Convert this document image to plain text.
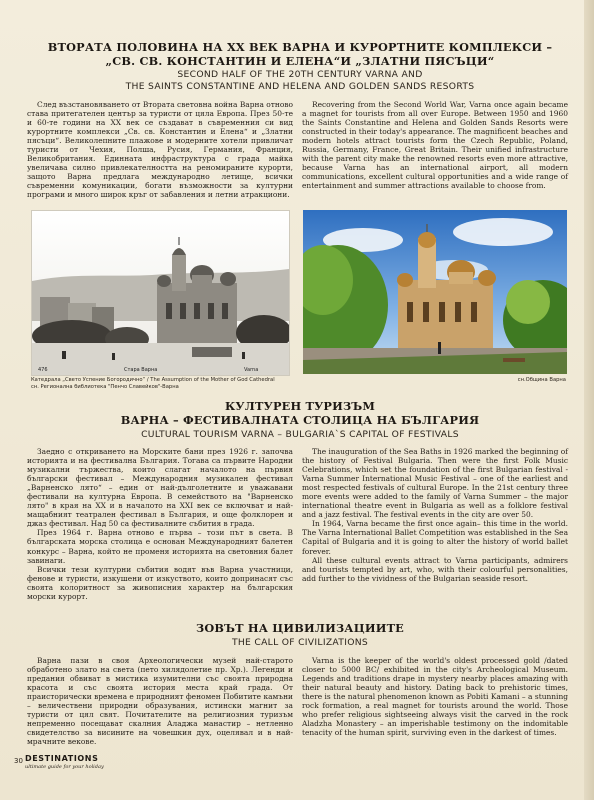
ВТОРАТА ПОЛОВИНА НА ХХ ВЕК ВАРНА И КУРОРТНИТЕ КОМПЛЕКСИ –
„СВ. СВ. КОНСТАНТИН И ЕЛЕНА“И „ЗЛАТНИ ПЯСЪЦИ“
SECOND HALF OF THE 20TH CENTURY VARNA AND
THE SAINTS CONSTANTINE AND HELENA AND GOLDEN SANDS RESORTS
След възстановяването от Втората световна война Варна отново става притегателен център за туристи от цяла Европа. През 50-те и 60-те години на ХХ век се създават в съвременния си вид курортните комплекси „Св. св. Константин и Елена“ и „Златни пясъци“. Великолепните плажове и модерните хотели привличат туристи от Чехия, Полша, Русия, Германия, Франция, Великобритания. Единната инфраструктура с града майка увеличава силно привлекателността на реномираните курорти, защото Варна предлага международно летище, всички съвременни комуникации, богати възможности за културни програми и много широк кръг от забавления и летни атракциони.
Recovering from the Second World War, Varna once again became a magnet for tourists from all over Europe. Between 1950 and 1960 the Saints Constantine and Helena and Golden Sands Resorts were constructed in their today's appearance. The magnificent beaches and modern hotels attract tourists form the Czech Republic, Poland, Russia, Germany, France, Great Britain. Their unified infrastructure with the parent city make the renowned resorts even more attractive, because Varna has an international airport, all modern communications, excellent cultural opportunities and a wide range of entertainment and summer attractions available to choose from.
476	Стара Варна	Varna
Катедрала „Свето Успение Богородично“ / The Assumption of the Mother of God Cathedral
сн. Регионална библиотека "Пенчо Славейков"-Варна
сн.Община Варна
КУЛТУРЕН ТУРИЗЪМ
ВАРНА – ФЕСТИВАЛНАТА СТОЛИЦА НА БЪЛГАРИЯ
CULTURAL TOURISM VARNA – BULGARIA`S CAPITAL OF FESTIVALS

Заедно с откриването на Морските бани през 1926 г. започва историята и на фестивална България. Тогава са първите Народни музикални тържества, които слагат началото на първия български фестивал – Международния музикален фестивал „Варненско лято“ – един от най-дълголетните и уважавани фестивали на културна Европа. В семейството на "Варненско лято" в края на ХХ и в началото на ХХI век се включват и най-мащабният театрален фестивал в България, и още фолклорен и джаз фестивал. Над 50 са фестивалните събития в града.

През 1964 г. Варна отново е първа – този път в света. В българската морска столица е основан Международният балетен конкурс – Варна, който не променя историята на световния балет завинаги.

Всички тези културни събития водят във Варна участници, фенове и туристи, изкушени от изкуството, които допринасят със своята колоритност за живописния характер на българския морски курорт.

The inauguration of the Sea Baths in 1926 marked the beginning of the history of Festival Bulgaria. Then were the first Folk Music Celebrations, which set the foundation of the first Bulgarian festival - Varna Summer International Music Festival – one of the earliest and most respected festivals of cultural Europe. In the 21st century three more events were added to the family of Varna Summer – the major international theatre event in Bulgaria as well as a folklore festival and a jazz festival. The festival events in the city are over 50.

In 1964, Varna became the first once again– this time in the world. The Varna International Ballet Competition was established in the Sea Capital of Bulgaria and it is going to alter the history of world ballet forever.

All these cultural events attract to Varna participants, admirers and tourists tempted by art, who, with their colourful personalities, add further to the vividness of the Bulgarian seaside resort.

ЗОВЪТ НА ЦИВИЛИЗАЦИИТЕ
THE CALL OF CIVILIZATIONS
Варна пази в своя Археологически музей най-старото обработено злато на света (пето хилядолетие пр. Хр.). Легенди и предания обвиват в мистика изумителни със своята природна красота и със своята история места край града. От праисторически времена е природният феномен Побитите камъни – величествени природни образувания, истински магнит за туристи от цял свят. Почитателите на религиозния туризъм непременно посещават скалния Аладжа манастир – нетленно свидетелство за висините на човешкия дух, оцелявал и в най-мрачните векове.
Varna is the keeper of the world's oldest processed gold /dated closer to 5000 BC/ exhibited in the city's Archeological Museum. Legends and traditions drape in mystery nearby places amazing with their natural beauty and history. Dating back to prehistoric times, there is the natural phenomenon known as Pobiti Kamani – a stunning rock formation, a real magnet for tourists around the world. Those who prefer religious sightseeing always visit the carved in the rock Aladzha Monastery – an imperishable testimony on the indomitable tenacity of the human spirit, surviving even in the darkest of times.
30 DESTINATIONS
ultimate guide for your holiday
